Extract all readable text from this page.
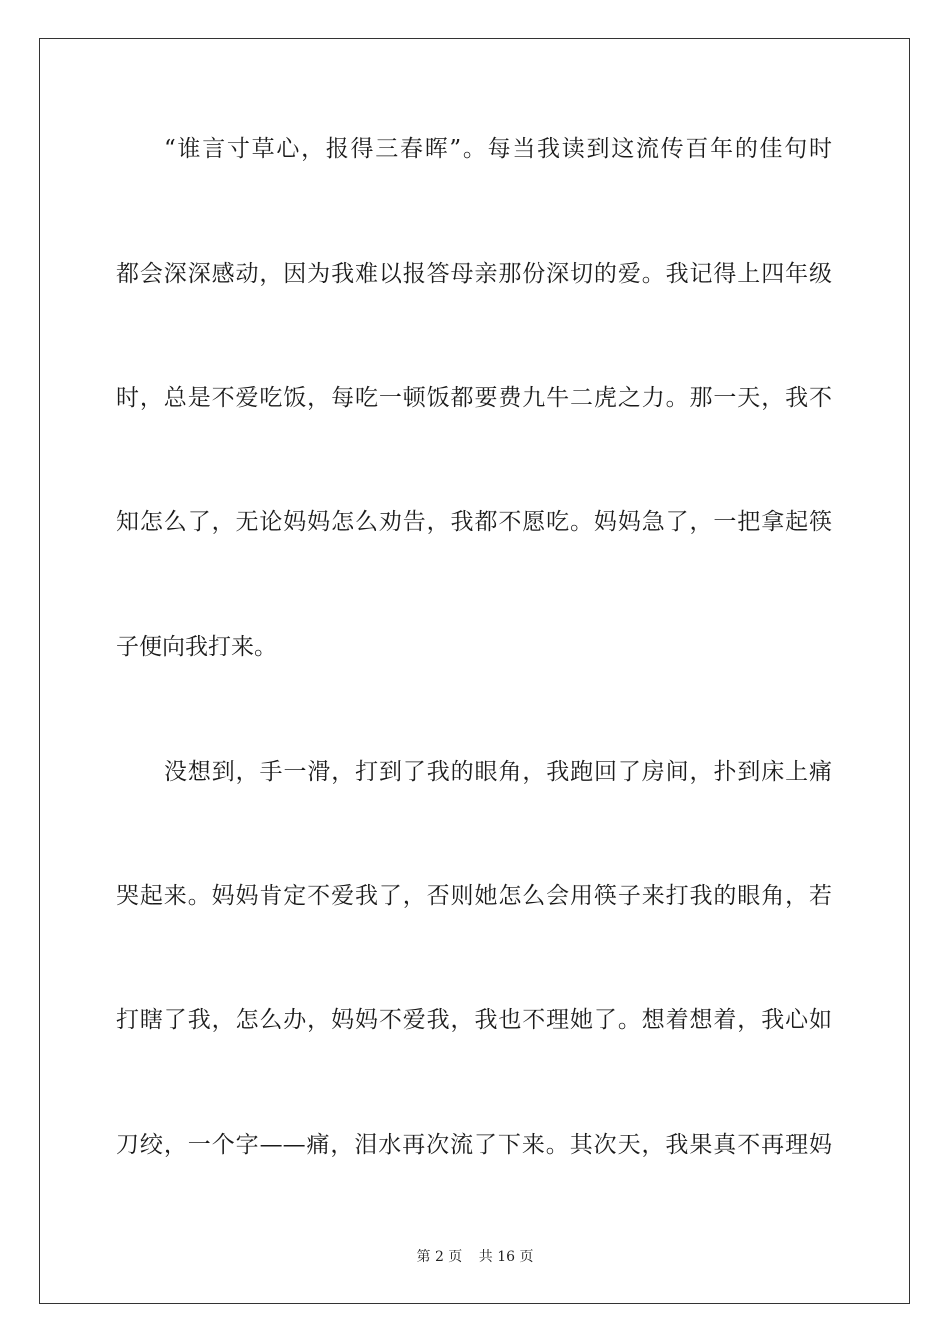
“谁言寸草心，报得三春晖”。每当我读到这流传百年的佳句时
都会深深感动，因为我难以报答母亲那份深切的爱。我记得上四年级
时，总是不爱吃饭，每吃一顿饭都要费九牛二虎之力。那一天，我不
知怎么了，无论妈妈怎么劝告，我都不愿吃。妈妈急了，一把拿起筷
子便向我打来。
没想到，手一滑，打到了我的眼角，我跑回了房间，扑到床上痛
哭起来。妈妈肯定不爱我了，否则她怎么会用筷子来打我的眼角，若
打瞎了我，怎么办，妈妈不爱我，我也不理她了。想着想着，我心如
刀绞，一个字——痛，泪水再次流了下来。其次天，我果真不再理妈
第 2 页 共 16 页
